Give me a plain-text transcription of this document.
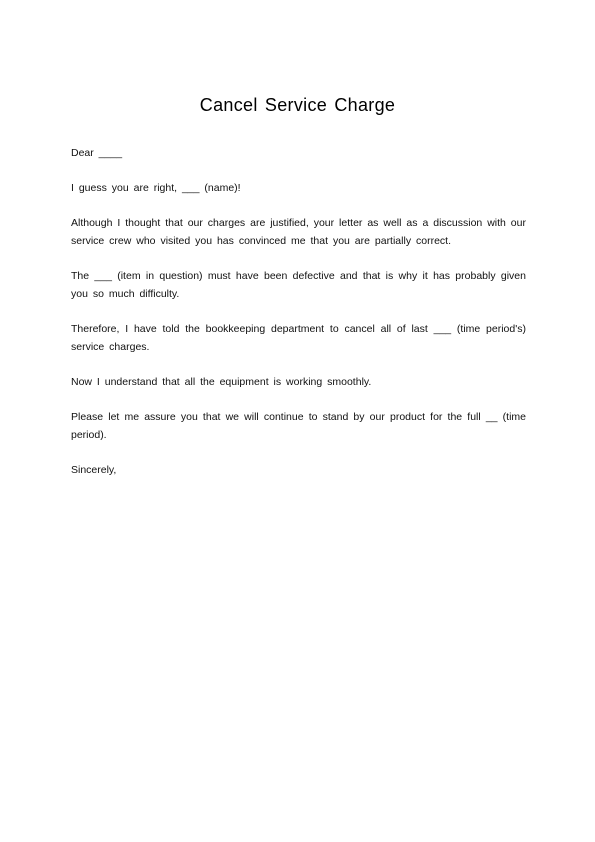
Cancel Service Charge

Dear ____

I guess you are right, ___ (name)!

Although I thought that our charges are justified, your letter as well as a discussion with our service crew who visited you has convinced me that you are partially correct.

The ___ (item in question) must have been defective and that is why it has probably given you so much difficulty.

Therefore, I have told the bookkeeping department to cancel all of last ___ (time period's) service charges.

Now I understand that all the equipment is working smoothly.

Please let me assure you that we will continue to stand by our product for the full __ (time period).

Sincerely,
